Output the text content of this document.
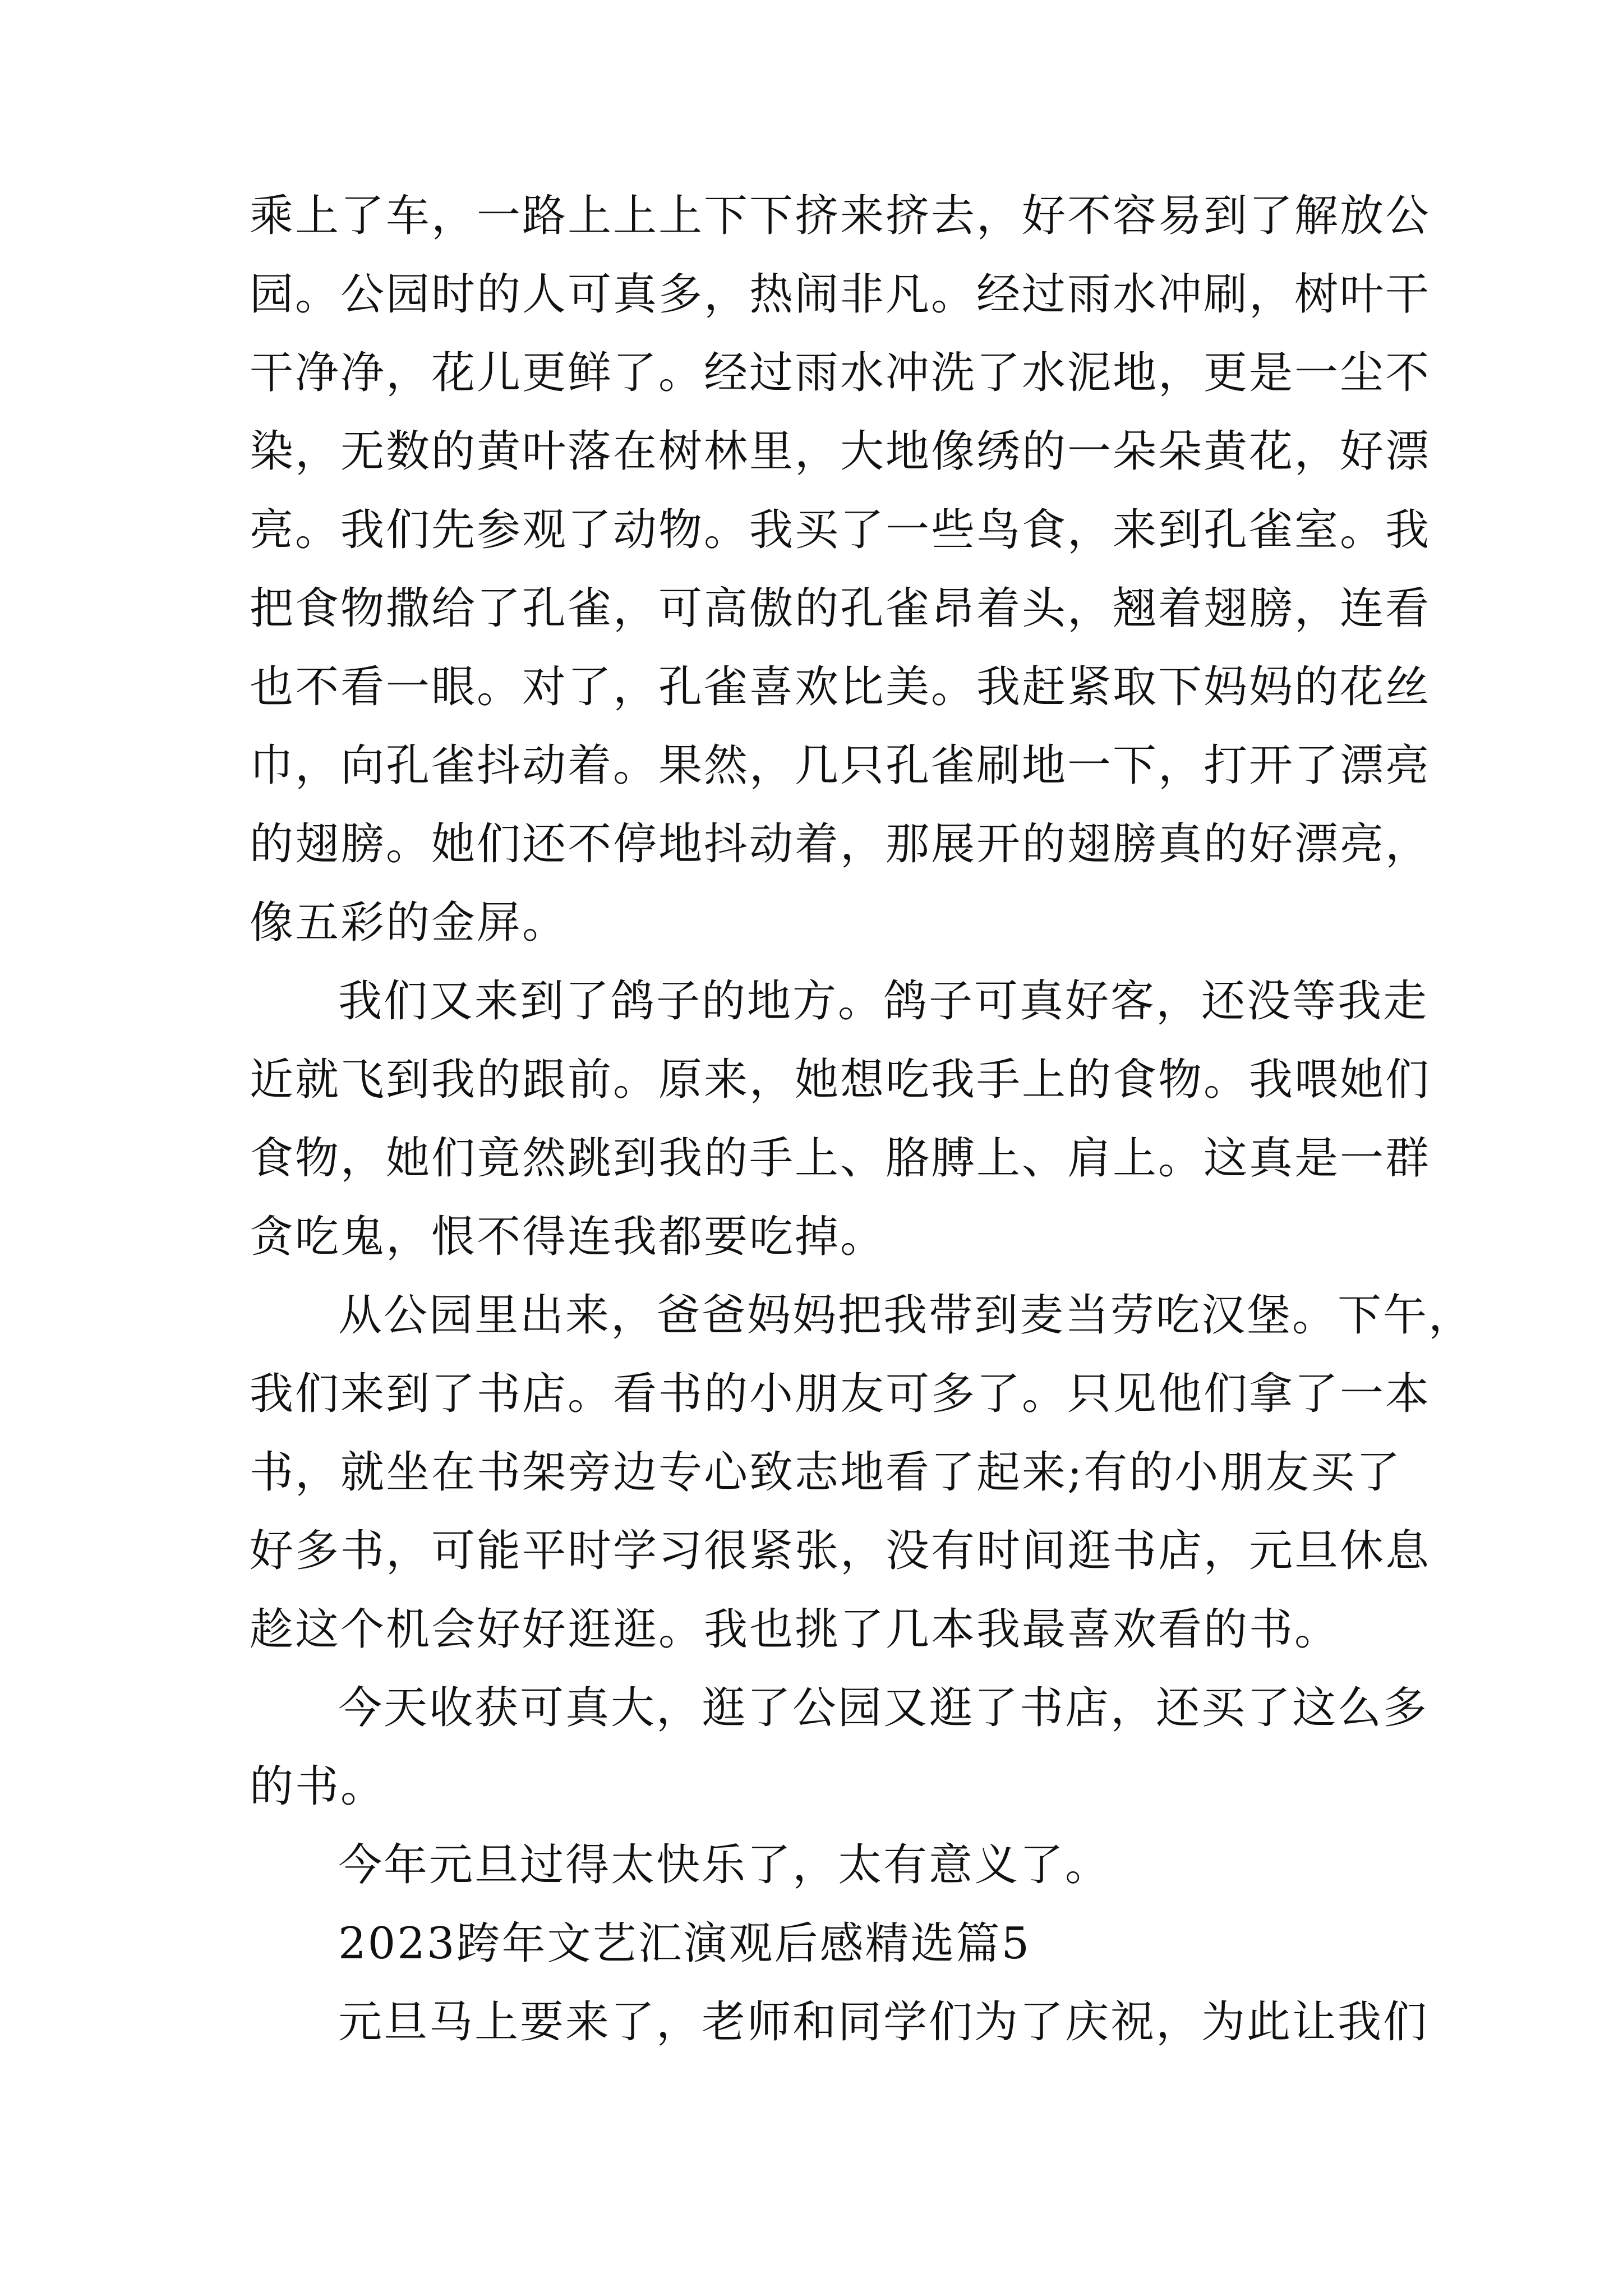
乘上了车，一路上上上下下挤来挤去，好不容易到了解放公
园。公园时的人可真多，热闹非凡。经过雨水冲刷，树叶干
干净净，花儿更鲜了。经过雨水冲洗了水泥地，更是一尘不
染，无数的黄叶落在树林里，大地像绣的一朵朵黄花，好漂
亮。我们先参观了动物。我买了一些鸟食，来到孔雀室。我
把食物撒给了孔雀，可高傲的孔雀昂着头，翘着翅膀，连看
也不看一眼。对了，孔雀喜欢比美。我赶紧取下妈妈的花丝
巾，向孔雀抖动着。果然，几只孔雀刷地一下，打开了漂亮
的翅膀。她们还不停地抖动着，那展开的翅膀真的好漂亮，
像五彩的金屏。
我们又来到了鸽子的地方。鸽子可真好客，还没等我走
近就飞到我的跟前。原来，她想吃我手上的食物。我喂她们
食物，她们竟然跳到我的手上、胳膊上、肩上。这真是一群
贪吃鬼，恨不得连我都要吃掉。
从公园里出来，爸爸妈妈把我带到麦当劳吃汉堡。下午，
我们来到了书店。看书的小朋友可多了。只见他们拿了一本
书，就坐在书架旁边专心致志地看了起来;有的小朋友买了
好多书，可能平时学习很紧张，没有时间逛书店，元旦休息
趁这个机会好好逛逛。我也挑了几本我最喜欢看的书。
今天收获可真大，逛了公园又逛了书店，还买了这么多
的书。
今年元旦过得太快乐了，太有意义了。
2023跨年文艺汇演观后感精选篇5
元旦马上要来了，老师和同学们为了庆祝，为此让我们
